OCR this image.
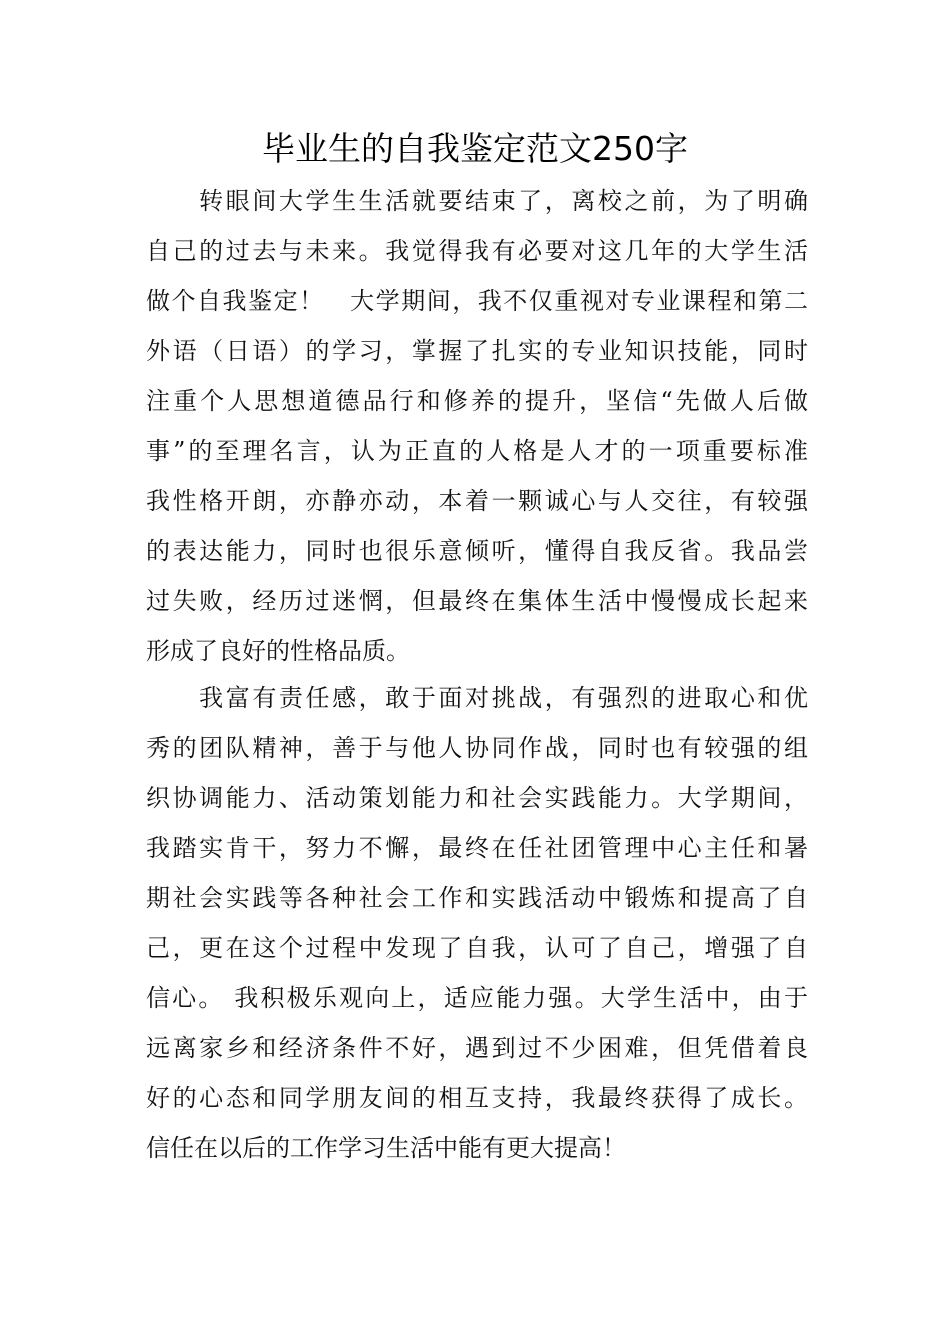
毕业生的自我鉴定范文250字
　　转眼间大学生生活就要结束了，离校之前，为了明确
自己的过去与未来。我觉得我有必要对这几年的大学生活
做个自我鉴定！　大学期间，我不仅重视对专业课程和第二
外语（日语）的学习，掌握了扎实的专业知识技能，同时
注重个人思想道德品行和修养的提升，坚信“先做人后做
事”的至理名言，认为正直的人格是人才的一项重要标准
我性格开朗，亦静亦动，本着一颗诚心与人交往，有较强
的表达能力，同时也很乐意倾听，懂得自我反省。我品尝
过失败，经历过迷惘，但最终在集体生活中慢慢成长起来
形成了良好的性格品质。
　　我富有责任感，敢于面对挑战，有强烈的进取心和优
秀的团队精神，善于与他人协同作战，同时也有较强的组
织协调能力、活动策划能力和社会实践能力。大学期间，
我踏实肯干，努力不懈，最终在任社团管理中心主任和暑
期社会实践等各种社会工作和实践活动中锻炼和提高了自
己，更在这个过程中发现了自我，认可了自己，增强了自
信心。 我积极乐观向上，适应能力强。大学生活中，由于
远离家乡和经济条件不好，遇到过不少困难，但凭借着良
好的心态和同学朋友间的相互支持，我最终获得了成长。
信任在以后的工作学习生活中能有更大提高！
